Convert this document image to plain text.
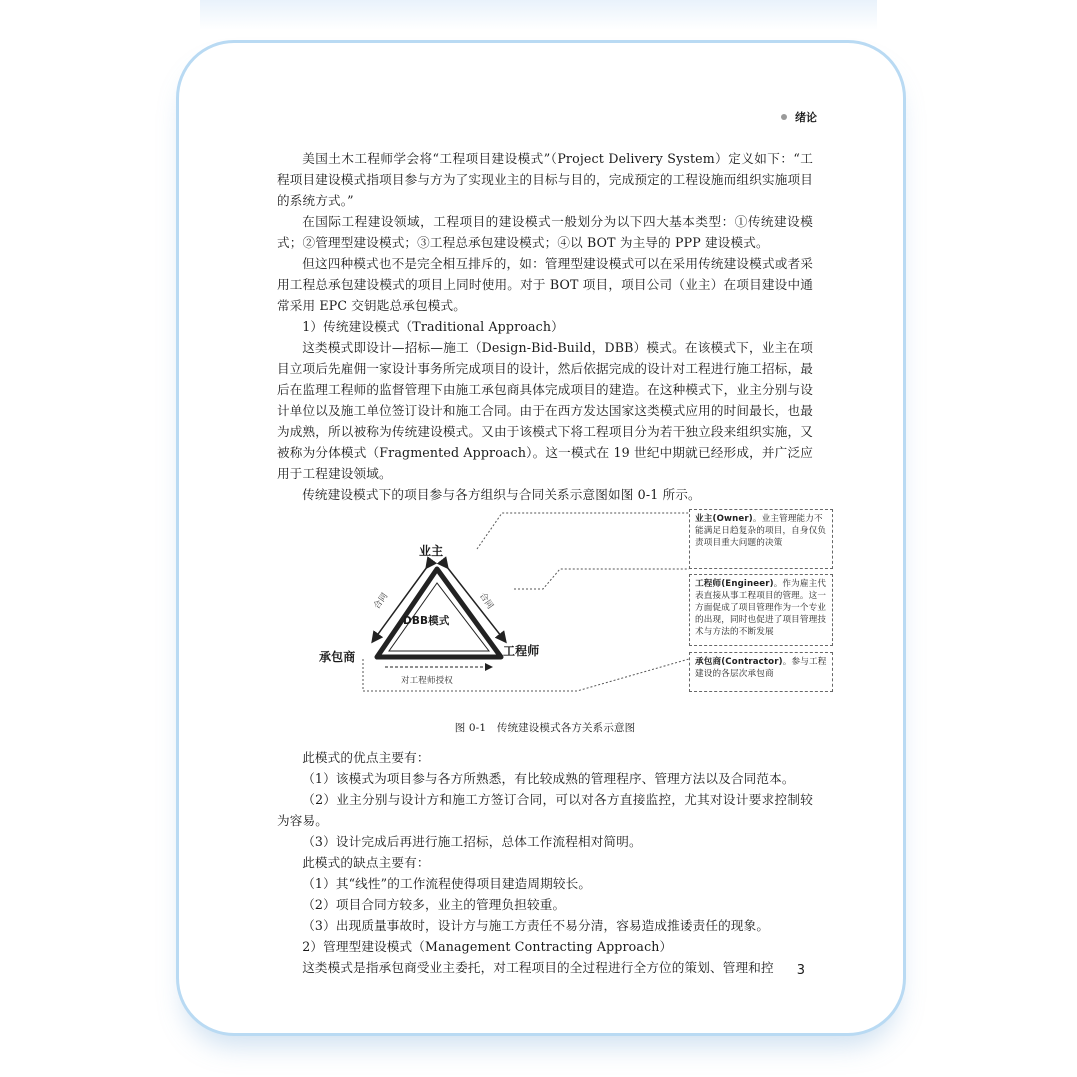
绪论

美国土木工程师学会将“工程项目建设模式”（Project Delivery System）定义如下：“工程项目建设模式指项目参与方为了实现业主的目标与目的，完成预定的工程设施而组织实施项目的系统方式。”

在国际工程建设领域，工程项目的建设模式一般划分为以下四大基本类型：①传统建设模式；②管理型建设模式；③工程总承包建设模式；④以 BOT 为主导的 PPP 建设模式。

但这四种模式也不是完全相互排斥的，如：管理型建设模式可以在采用传统建设模式或者采用工程总承包建设模式的项目上同时使用。对于 BOT 项目，项目公司（业主）在项目建设中通常采用 EPC 交钥匙总承包模式。

1）传统建设模式（Traditional Approach）

这类模式即设计—招标—施工（Design-Bid-Build，DBB）模式。在该模式下，业主在项目立项后先雇佣一家设计事务所完成项目的设计，然后依据完成的设计对工程进行施工招标，最后在监理工程师的监督管理下由施工承包商具体完成项目的建造。在这种模式下，业主分别与设计单位以及施工单位签订设计和施工合同。由于在西方发达国家这类模式应用的时间最长，也最为成熟，所以被称为传统建设模式。又由于该模式下将工程项目分为若干独立段来组织实施，又被称为分体模式（Fragmented Approach）。这一模式在 19 世纪中期就已经形成，并广泛应用于工程建设领域。

传统建设模式下的项目参与各方组织与合同关系示意图如图 0-1 所示。

业主
承包商	工程师
DBB模式
合同	合同
对工程师授权
业主(Owner)。业主管理能力不能满足日趋复杂的项目，自身仅负责项目重大问题的决策
工程师(Engineer)。作为雇主代表直接从事工程项目的管理。这一方面促成了项目管理作为一个专业的出现，同时也促进了项目管理技术与方法的不断发展
承包商(Contractor)。参与工程建设的各层次承包商
图 0-1　传统建设模式各方关系示意图

此模式的优点主要有：

（1）该模式为项目参与各方所熟悉，有比较成熟的管理程序、管理方法以及合同范本。

（2）业主分别与设计方和施工方签订合同，可以对各方直接监控，尤其对设计要求控制较为容易。

（3）设计完成后再进行施工招标，总体工作流程相对简明。

此模式的缺点主要有：

（1）其“线性”的工作流程使得项目建造周期较长。

（2）项目合同方较多，业主的管理负担较重。

（3）出现质量事故时，设计方与施工方责任不易分清，容易造成推诿责任的现象。

2）管理型建设模式（Management Contracting Approach）

这类模式是指承包商受业主委托，对工程项目的全过程进行全方位的策划、管理和控	3
